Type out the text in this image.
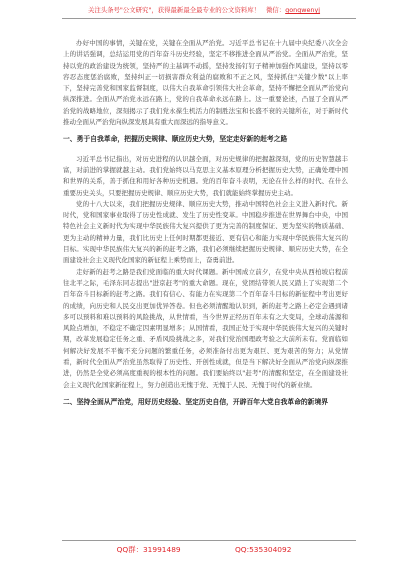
关注头条号"公文研究"，获得最新最全最专业的公文资料库！ 微信：gongwenyj

办好中国的事情，关键在党，关键在全面从严治党。习近平总书记在十九届中央纪委八次全会上的讲话强调，总结运用党的百年奋斗历史经验，坚定不移推进全面从严治党。全面从严治党，坚持以党的政治建设为统领，坚持严的主基调不动摇，坚持发扬钉钉子精神加强作风建设，坚持以零容忍态度惩治腐败，坚持纠正一切损害群众利益的腐败和不正之风，坚持抓住"关键少数"以上率下，坚持完善党和国家监督制度，以伟大自我革命引领伟大社会革命，坚持不懈把全面从严治党向纵深推进。全面从严治党永远在路上，党的自我革命永远在路上。这一重要论述，凸显了全面从严治党的战略地位，深刻揭示了我们党永葆生机活力的制胜法宝和长盛不衰的关键所在，对于新时代推动全面从严治党向纵深发展具有重大而深远的指导意义。

一、勇于自我革命，把握历史规律、顺应历史大势，坚定走好新的赶考之路

习近平总书记指出，对历史进程的认识越全面，对历史规律的把握越深刻，党的历史智慧越丰富，对前进的掌握就越主动。我们党始终以马克思主义基本原理分析把握历史大势，正确处理中国和世界的关系，善于抓住和用好各种历史机遇。党的百年奋斗表明，无论在什么样的时代、在什么重要历史关头，只要把握历史规律、顺应历史大势，我们就能始终掌握历史主动。

党的十八大以来，我们把握历史规律、顺应历史大势，推动中国特色社会主义进入新时代。新时代，党和国家事业取得了历史性成就、发生了历史性变革。中国稳步推进在世界舞台中央，中国特色社会主义新时代为实现中华民族伟大复兴提供了更为完善的制度保证、更为坚实的物质基础、更为主动的精神力量，我们比历史上任何时期都更接近、更有信心和能力实现中华民族伟大复兴的目标。实现中华民族伟大复兴的新的赶考之路，我们必须继续把握历史规律、顺应历史大势，在全面建设社会主义现代化国家的新征程上乘势而上，奋勇前进。

走好新的赶考之路是我们党面临的重大时代课题。新中国成立前夕，在党中央从西柏坡启程前往北平之际，毛泽东同志提出"进京赶考"的重大命题。现在，党团结带领人民又踏上了实现第二个百年奋斗目标新的赶考之路。我们有信心、有能力在实现第二个百年奋斗目标的新征程中考出更好的成绩，向历史和人民交出更加优异答卷。但也必须清醒地认识到，新的赶考之路上必定会遇到诸多可以预料和难以预料的风险挑战，从世情看，当今世界正经历百年未有之大变局，全球动荡源和风险点增加，不稳定不确定因素明显增多；从国情看，我国正处于实现中华民族伟大复兴的关键时期，改革发展稳定任务之重、矛盾风险挑战之多，对我们党治国理政考验之大前所未有。党面临如何解决好发展不平衡不充分问题的繁重任务，必须准备付出更为艰巨、更为艰苦的努力；从党情看，新时代全面从严治党虽然取得了历史性、开创性成就，但是当下解决好全面从严治党向纵深推进，仍然是全党必须高度重视的根本性的问题。我们要始终以"赶考"的清醒和坚定，在全面建设社会主义现代化国家新征程上，努力创造出无愧于党、无愧于人民、无愧于时代的新业绩。

二、坚持全面从严治党，用好历史经验、坚定历史自信，开辟百年大党自我革命的新境界

QQ群：31991489	QQ:535304092
